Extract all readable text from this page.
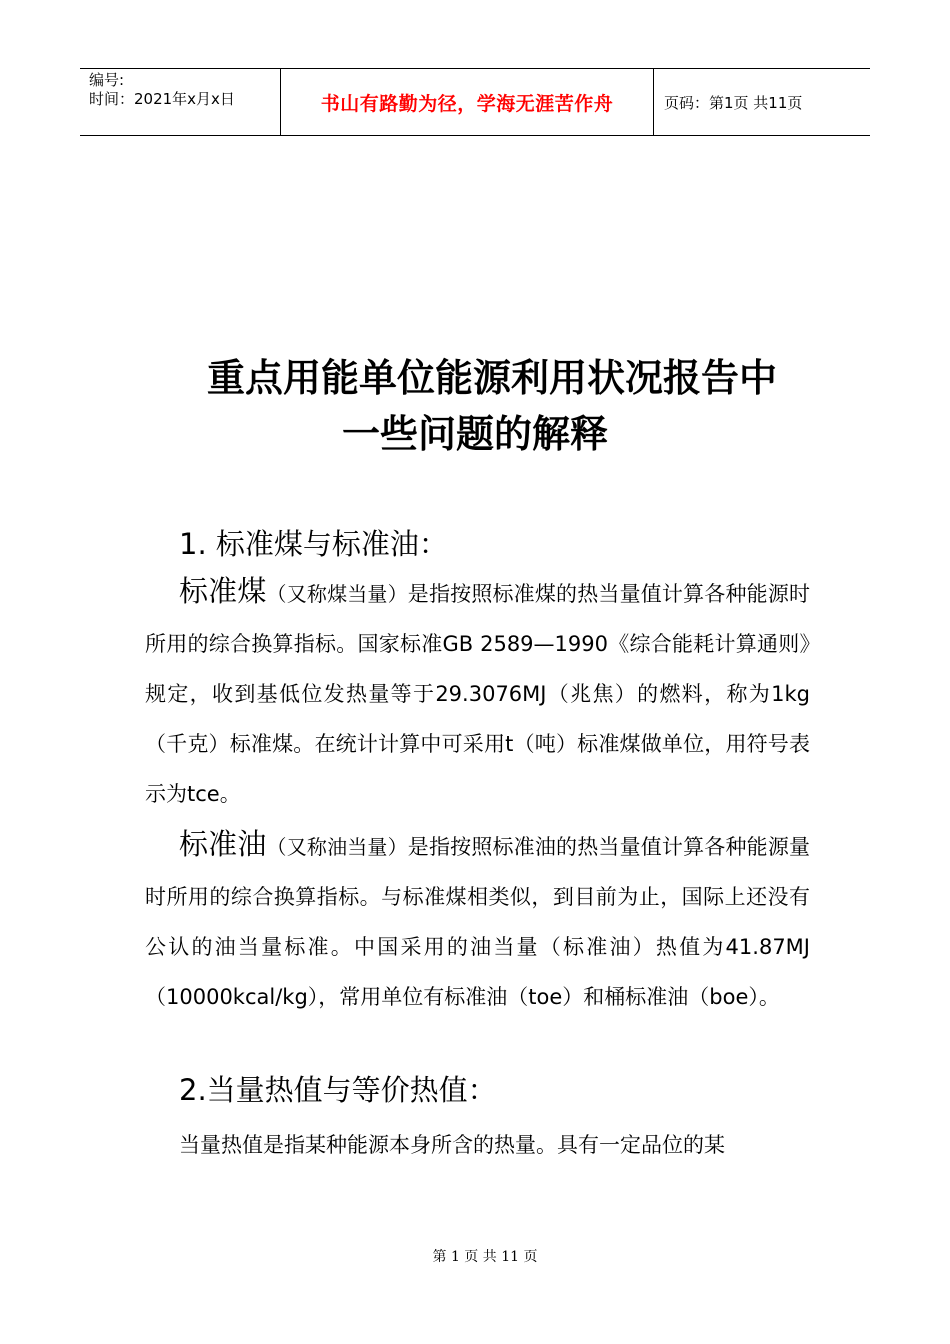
编号:
时间：2021年x月x日	书山有路勤为径，学海无涯苦作舟	页码：第1页 共11页
重点用能单位能源利用状况报告中
一些问题的解释
1. 标准煤与标准油：

标准煤（又称煤当量）是指按照标准煤的热当量值计算各种能源时所用的综合换算指标。国家标准GB 2589—1990《综合能耗计算通则》规定，收到基低位发热量等于29.3076MJ（兆焦）的燃料，称为1kg（千克）标准煤。在统计计算中可采用t（吨）标准煤做单位，用符号表示为tce。

标准油（又称油当量）是指按照标准油的热当量值计算各种能源量时所用的综合换算指标。与标准煤相类似，到目前为止，国际上还没有公认的油当量标准。中国采用的油当量（标准油）热值为41.87MJ（10000kcal/kg），常用单位有标准油（toe）和桶标准油（boe）。

2.当量热值与等价热值：

当量热值是指某种能源本身所含的热量。具有一定品位的某

第 1 页 共 11 页
